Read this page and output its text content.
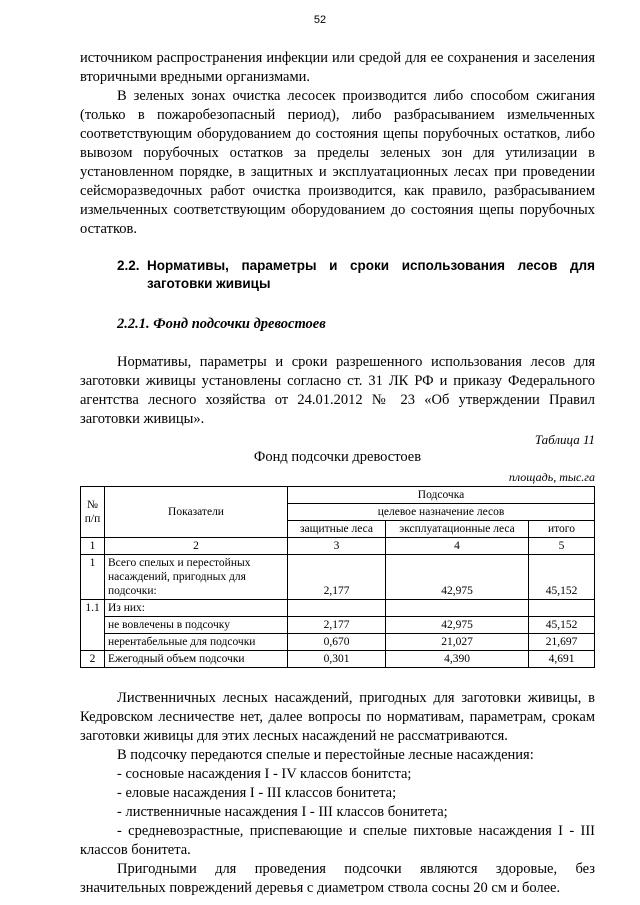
52

источником распространения инфекции или средой для ее сохранения и заселения вторичными вредными организмами.

В зеленых зонах очистка лесосек производится либо способом сжигания (только в пожаробезопасный период), либо разбрасыванием измельченных соответствующим оборудованием до состояния щепы порубочных остатков, либо вывозом порубочных остатков за пределы зеленых зон для утилизации в установленном порядке, в защитных и эксплуатационных лесах при проведении сейсморазведочных работ очистка производится, как правило, разбрасыванием измельченных соответствующим оборудованием до состояния щепы порубочных остатков.

2.2. Нормативы, параметры и сроки использования лесов для заготовки живицы
2.2.1. Фонд подсочки древостоев

Нормативы, параметры и сроки разрешенного использования лесов для заготовки живицы установлены согласно ст. 31 ЛК РФ и приказу Федерального агентства лесного хозяйства от 24.01.2012 № 23 «Об утверждении Правил заготовки живицы».

Таблица 11
Фонд подсочки древостоев
площадь, тыс.га
№ п/п	Показатели	Подсочка		
		целевое назначение лесов		
		защитные леса	эксплуатационные леса	итого
1	2	3	4	5
1	Всего спелых и перестойных насаждений, пригодных для подсочки:	2,177	42,975	45,152
1.1	Из них:			
	не вовлечены в подсочку	2,177	42,975	45,152
	нерентабельные для подсочки	0,670	21,027	21,697
2	Ежегодный объем подсочки	0,301	4,390	4,691

Лиственничных лесных насаждений, пригодных для заготовки живицы, в Кедровском лесничестве нет, далее вопросы по нормативам, параметрам, срокам заготовки живицы для этих лесных насаждений не рассматриваются.

В подсочку передаются спелые и перестойные лесные насаждения:

- сосновые насаждения I - IV классов бонитста;

- еловые насаждения I - III классов бонитета;

- лиственничные насаждения I - III классов бонитета;

- средневозрастные, приспевающие и спелые пихтовые насаждения I - III классов бонитета.

Пригодными для проведения подсочки являются здоровые, без значительных повреждений деревья с диаметром ствола сосны 20 см и более.
